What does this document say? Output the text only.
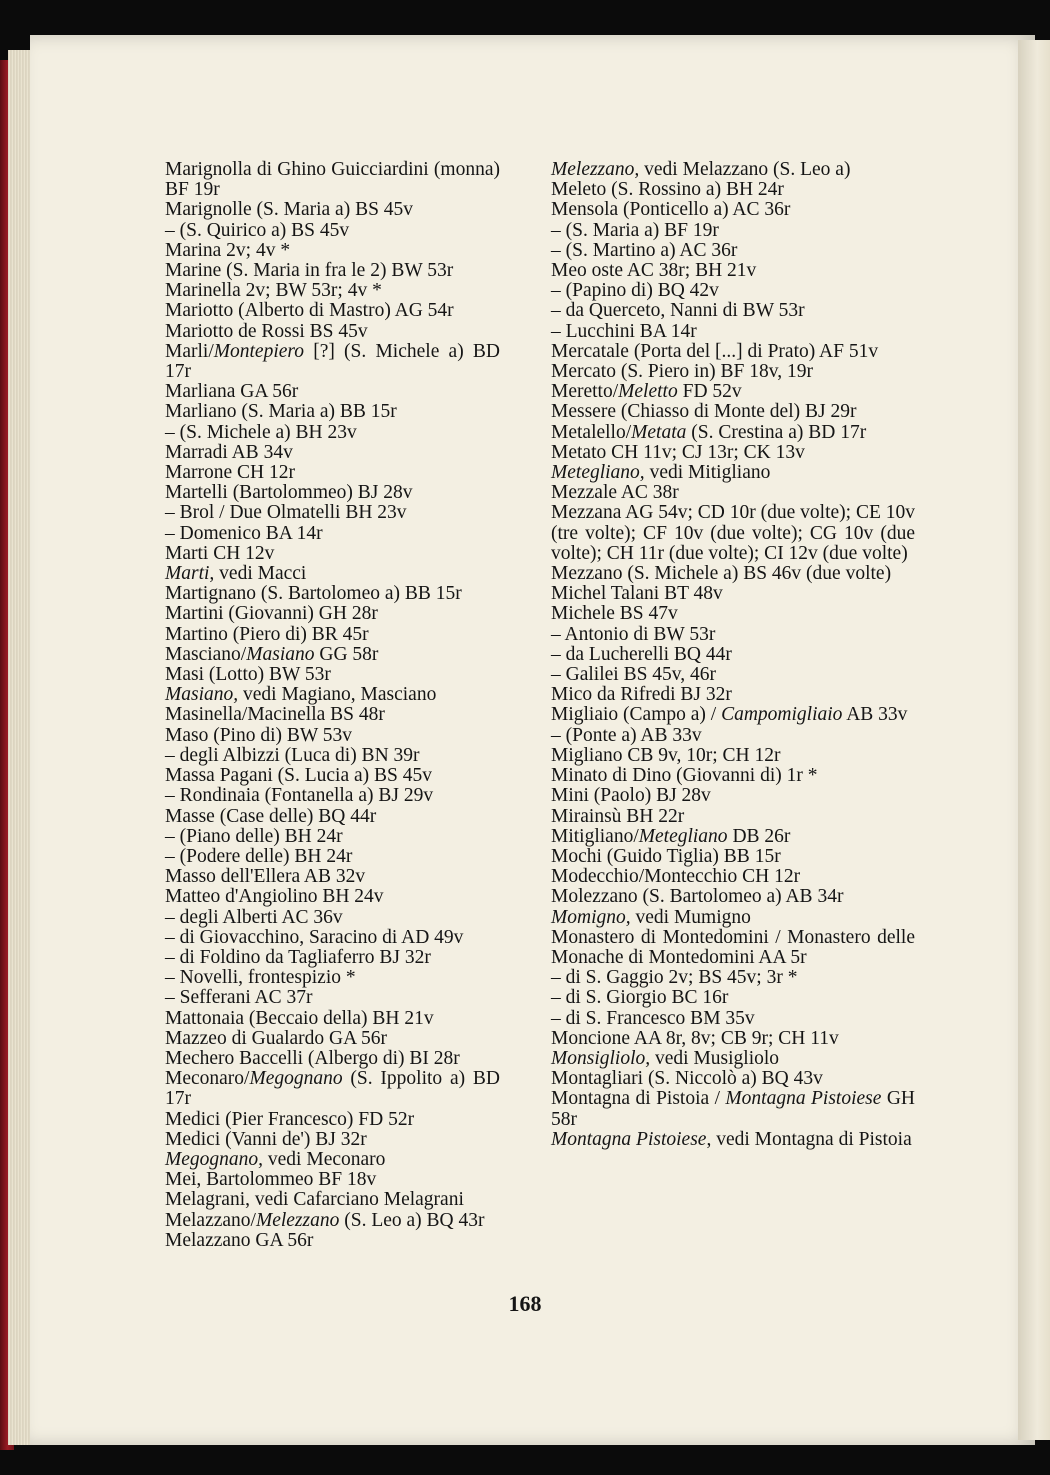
Marignolla di Ghino Guicciardini (monna) BF 19r
Marignolle (S. Maria a) BS 45v
– (S. Quirico a) BS 45v
Marina 2v; 4v *
Marine (S. Maria in fra le 2) BW 53r
Marinella 2v; BW 53r; 4v *
Mariotto (Alberto di Mastro) AG 54r
Mariotto de Rossi BS 45v
Marli/Montepiero [?] (S. Michele a) BD 17r
Marliana GA 56r
Marliano (S. Maria a) BB 15r
– (S. Michele a) BH 23v
Marradi AB 34v
Marrone CH 12r
Martelli (Bartolommeo) BJ 28v
– Brol / Due Olmatelli BH 23v
– Domenico BA 14r
Marti CH 12v
Marti, vedi Macci
Martignano (S. Bartolomeo a) BB 15r
Martini (Giovanni) GH 28r
Martino (Piero di) BR 45r
Masciano/Masiano GG 58r
Masi (Lotto) BW 53r
Masiano, vedi Magiano, Masciano
Masinella/Macinella BS 48r
Maso (Pino di) BW 53v
– degli Albizzi (Luca di) BN 39r
Massa Pagani (S. Lucia a) BS 45v
– Rondinaia (Fontanella a) BJ 29v
Masse (Case delle) BQ 44r
– (Piano delle) BH 24r
– (Podere delle) BH 24r
Masso dell'Ellera AB 32v
Matteo d'Angiolino BH 24v
– degli Alberti AC 36v
– di Giovacchino, Saracino di AD 49v
– di Foldino da Tagliaferro BJ 32r
– Novelli, frontespizio *
– Sefferani AC 37r
Mattonaia (Beccaio della) BH 21v
Mazzeo di Gualardo GA 56r
Mechero Baccelli (Albergo di) BI 28r
Meconaro/Megognano (S. Ippolito a) BD 17r
Medici (Pier Francesco) FD 52r
Medici (Vanni de') BJ 32r
Megognano, vedi Meconaro
Mei, Bartolommeo BF 18v
Melagrani, vedi Cafarciano Melagrani
Melazzano/Melezzano (S. Leo a) BQ 43r
Melazzano GA 56r
Melezzano, vedi Melazzano (S. Leo a)
Meleto (S. Rossino a) BH 24r
Mensola (Ponticello a) AC 36r
– (S. Maria a) BF 19r
– (S. Martino a) AC 36r
Meo oste AC 38r; BH 21v
– (Papino di) BQ 42v
– da Querceto, Nanni di BW 53r
– Lucchini BA 14r
Mercatale (Porta del [...] di Prato) AF 51v
Mercato (S. Piero in) BF 18v, 19r
Meretto/Meletto FD 52v
Messere (Chiasso di Monte del) BJ 29r
Metalello/Metata (S. Crestina a) BD 17r
Metato CH 11v; CJ 13r; CK 13v
Metegliano, vedi Mitigliano
Mezzale AC 38r
Mezzana AG 54v; CD 10r (due volte); CE 10v (tre volte); CF 10v (due volte); CG 10v (due volte); CH 11r (due volte); CI 12v (due volte)
Mezzano (S. Michele a) BS 46v (due volte)
Michel Talani BT 48v
Michele BS 47v
– Antonio di BW 53r
– da Lucherelli BQ 44r
– Galilei BS 45v, 46r
Mico da Rifredi BJ 32r
Migliaio (Campo a) / Campomigliaio AB 33v
– (Ponte a) AB 33v
Migliano CB 9v, 10r; CH 12r
Minato di Dino (Giovanni di) 1r *
Mini (Paolo) BJ 28v
Mirainsù BH 22r
Mitigliano/Metegliano DB 26r
Mochi (Guido Tiglia) BB 15r
Modecchio/Montecchio CH 12r
Molezzano (S. Bartolomeo a) AB 34r
Momigno, vedi Mumigno
Monastero di Montedomini / Monastero delle Monache di Montedomini AA 5r
– di S. Gaggio 2v; BS 45v; 3r *
– di S. Giorgio BC 16r
– di S. Francesco BM 35v
Moncione AA 8r, 8v; CB 9r; CH 11v
Monsigliolo, vedi Musigliolo
Montagliari (S. Niccolò a) BQ 43v
Montagna di Pistoia / Montagna Pistoiese GH 58r
Montagna Pistoiese, vedi Montagna di Pistoia
168
